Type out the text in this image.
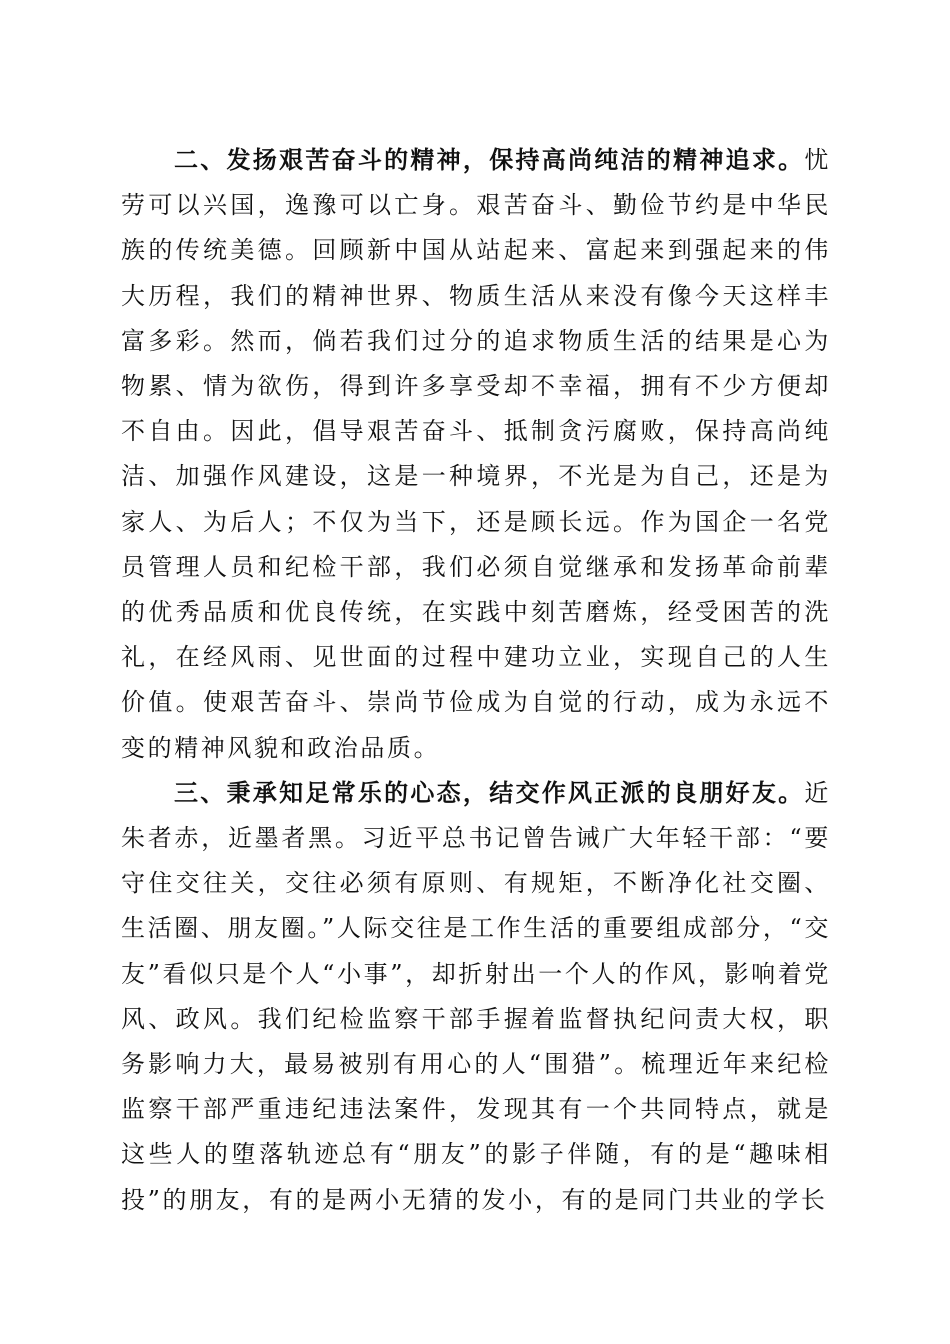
二、发扬艰苦奋斗的精神，保持高尚纯洁的精神追求。忧劳可以兴国，逸豫可以亡身。艰苦奋斗、勤俭节约是中华民族的传统美德。回顾新中国从站起来、富起来到强起来的伟大历程，我们的精神世界、物质生活从来没有像今天这样丰富多彩。然而，倘若我们过分的追求物质生活的结果是心为物累、情为欲伤，得到许多享受却不幸福，拥有不少方便却不自由。因此，倡导艰苦奋斗、抵制贪污腐败，保持高尚纯洁、加强作风建设，这是一种境界，不光是为自己，还是为家人、为后人；不仅为当下，还是顾长远。作为国企一名党员管理人员和纪检干部，我们必须自觉继承和发扬革命前辈的优秀品质和优良传统，在实践中刻苦磨炼，经受困苦的洗礼，在经风雨、见世面的过程中建功立业，实现自己的人生价值。使艰苦奋斗、崇尚节俭成为自觉的行动，成为永远不变的精神风貌和政治品质。

三、秉承知足常乐的心态，结交作风正派的良朋好友。近朱者赤，近墨者黑。习近平总书记曾告诫广大年轻干部：“要守住交往关，交往必须有原则、有规矩，不断净化社交圈、生活圈、朋友圈。”人际交往是工作生活的重要组成部分，“交友”看似只是个人“小事”，却折射出一个人的作风，影响着党风、政风。我们纪检监察干部手握着监督执纪问责大权，职务影响力大，最易被别有用心的人“围猎”。梳理近年来纪检监察干部严重违纪违法案件，发现其有一个共同特点，就是这些人的堕落轨迹总有“朋友”的影子伴随，有的是“趣味相投”的朋友，有的是两小无猜的发小，有的是同门共业的学长
